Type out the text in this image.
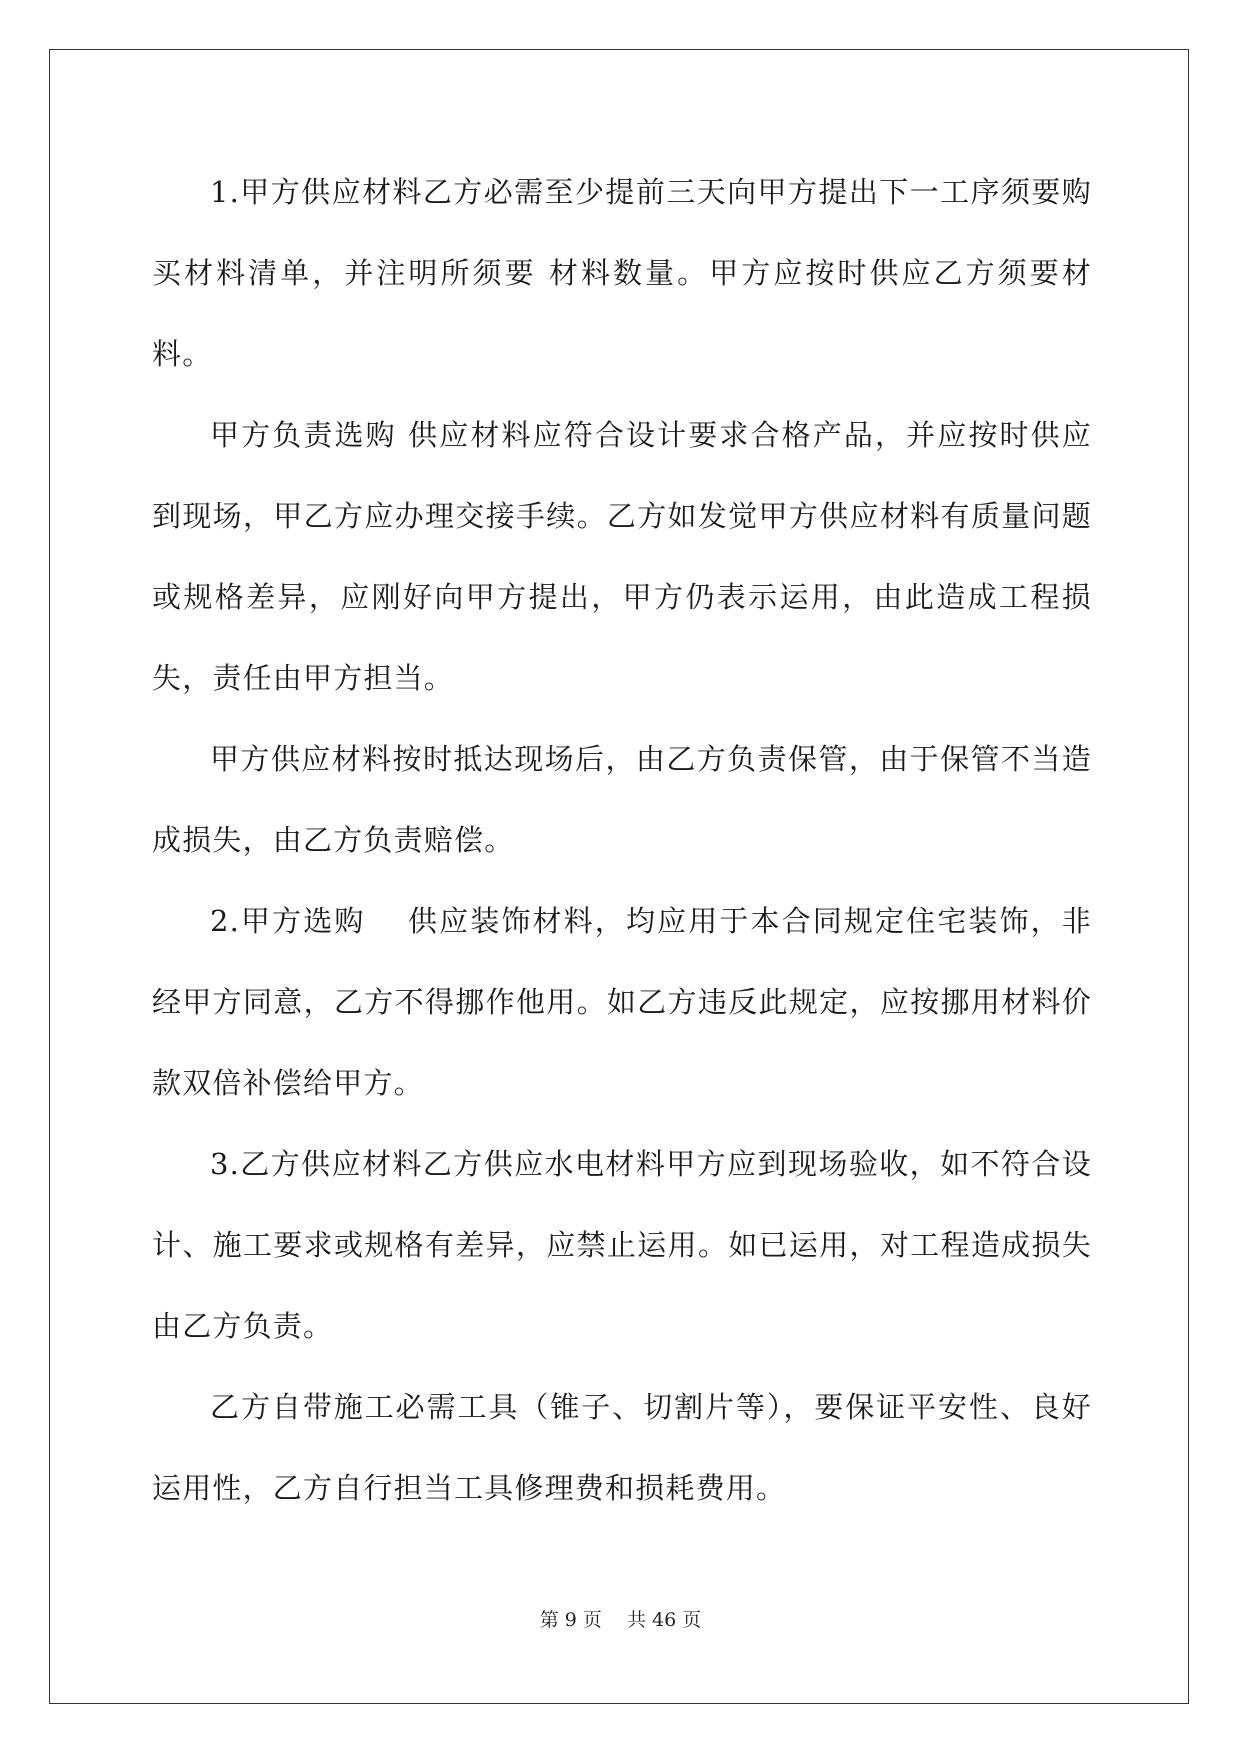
1.甲方供应材料乙方必需至少提前三天向甲方提出下一工序须要购买材料清单，并注明所须要 材料数量。甲方应按时供应乙方须要材料。

甲方负责选购 供应材料应符合设计要求合格产品，并应按时供应到现场，甲乙方应办理交接手续。乙方如发觉甲方供应材料有质量问题或规格差异，应刚好向甲方提出，甲方仍表示运用，由此造成工程损失，责任由甲方担当。

甲方供应材料按时抵达现场后，由乙方负责保管，由于保管不当造成损失，由乙方负责赔偿。

2.甲方选购　 供应装饰材料，均应用于本合同规定住宅装饰，非经甲方同意，乙方不得挪作他用。如乙方违反此规定，应按挪用材料价款双倍补偿给甲方。

3.乙方供应材料乙方供应水电材料甲方应到现场验收，如不符合设计、施工要求或规格有差异，应禁止运用。如已运用，对工程造成损失由乙方负责。

乙方自带施工必需工具（锥子、切割片等），要保证平安性、良好运用性，乙方自行担当工具修理费和损耗费用。

第 9 页　 共 46 页
